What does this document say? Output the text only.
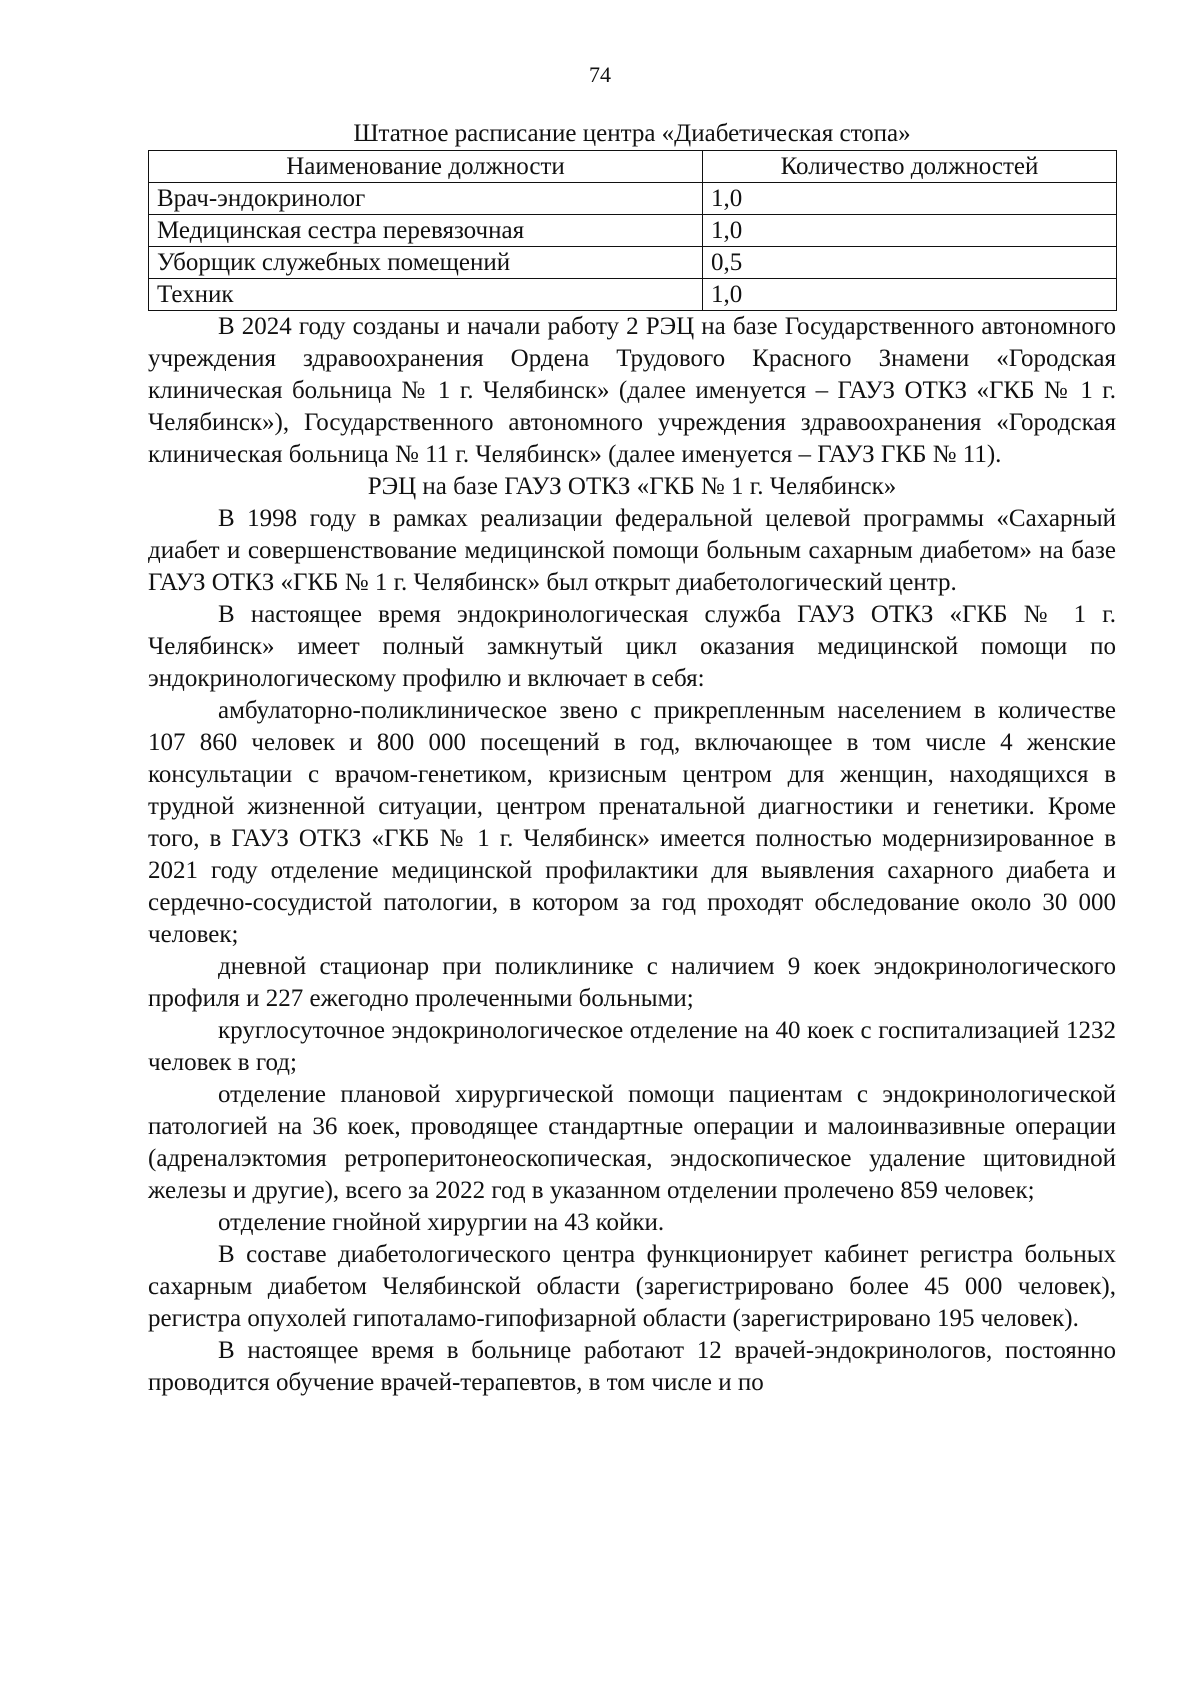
74
Штатное расписание центра «Диабетическая стопа»
Наименование должности	Количество должностей
Врач-эндокринолог	1,0
Медицинская сестра перевязочная	1,0
Уборщик служебных помещений	0,5
Техник	1,0

В 2024 году созданы и начали работу 2 РЭЦ на базе Государственного автономного учреждения здравоохранения Ордена Трудового Красного Знамени «Городская клиническая больница № 1 г. Челябинск» (далее именуется – ГАУЗ ОТКЗ «ГКБ № 1 г. Челябинск»), Государственного автономного учреждения здравоохранения «Городская клиническая больница № 11 г. Челябинск» (далее именуется – ГАУЗ ГКБ № 11).

РЭЦ на базе ГАУЗ ОТКЗ «ГКБ № 1 г. Челябинск»

В 1998 году в рамках реализации федеральной целевой программы «Сахарный диабет и совершенствование медицинской помощи больным сахарным диабетом» на базе ГАУЗ ОТКЗ «ГКБ № 1 г. Челябинск» был открыт диабетологический центр.

В настоящее время эндокринологическая служба ГАУЗ ОТКЗ «ГКБ № 1 г. Челябинск» имеет полный замкнутый цикл оказания медицинской помощи по эндокринологическому профилю и включает в себя:

амбулаторно-поликлиническое звено с прикрепленным населением в количестве 107 860 человек и 800 000 посещений в год, включающее в том числе 4 женские консультации с врачом-генетиком, кризисным центром для женщин, находящихся в трудной жизненной ситуации, центром пренатальной диагностики и генетики. Кроме того, в ГАУЗ ОТКЗ «ГКБ № 1 г. Челябинск» имеется полностью модернизированное в 2021 году отделение медицинской профилактики для выявления сахарного диабета и сердечно-сосудистой патологии, в котором за год проходят обследование около 30 000 человек;

дневной стационар при поликлинике с наличием 9 коек эндокринологического профиля и 227 ежегодно пролеченными больными;

круглосуточное эндокринологическое отделение на 40 коек с госпитализацией 1232 человек в год;

отделение плановой хирургической помощи пациентам с эндокринологической патологией на 36 коек, проводящее стандартные операции и малоинвазивные операции (адреналэктомия ретроперитонеоскопическая, эндоскопическое удаление щитовидной железы и другие), всего за 2022 год в указанном отделении пролечено 859 человек;

отделение гнойной хирургии на 43 койки.

В составе диабетологического центра функционирует кабинет регистра больных сахарным диабетом Челябинской области (зарегистрировано более 45 000 человек), регистра опухолей гипоталамо-гипофизарной области (зарегистрировано 195 человек).

В настоящее время в больнице работают 12 врачей-эндокринологов, постоянно проводится обучение врачей-терапевтов, в том числе и по
